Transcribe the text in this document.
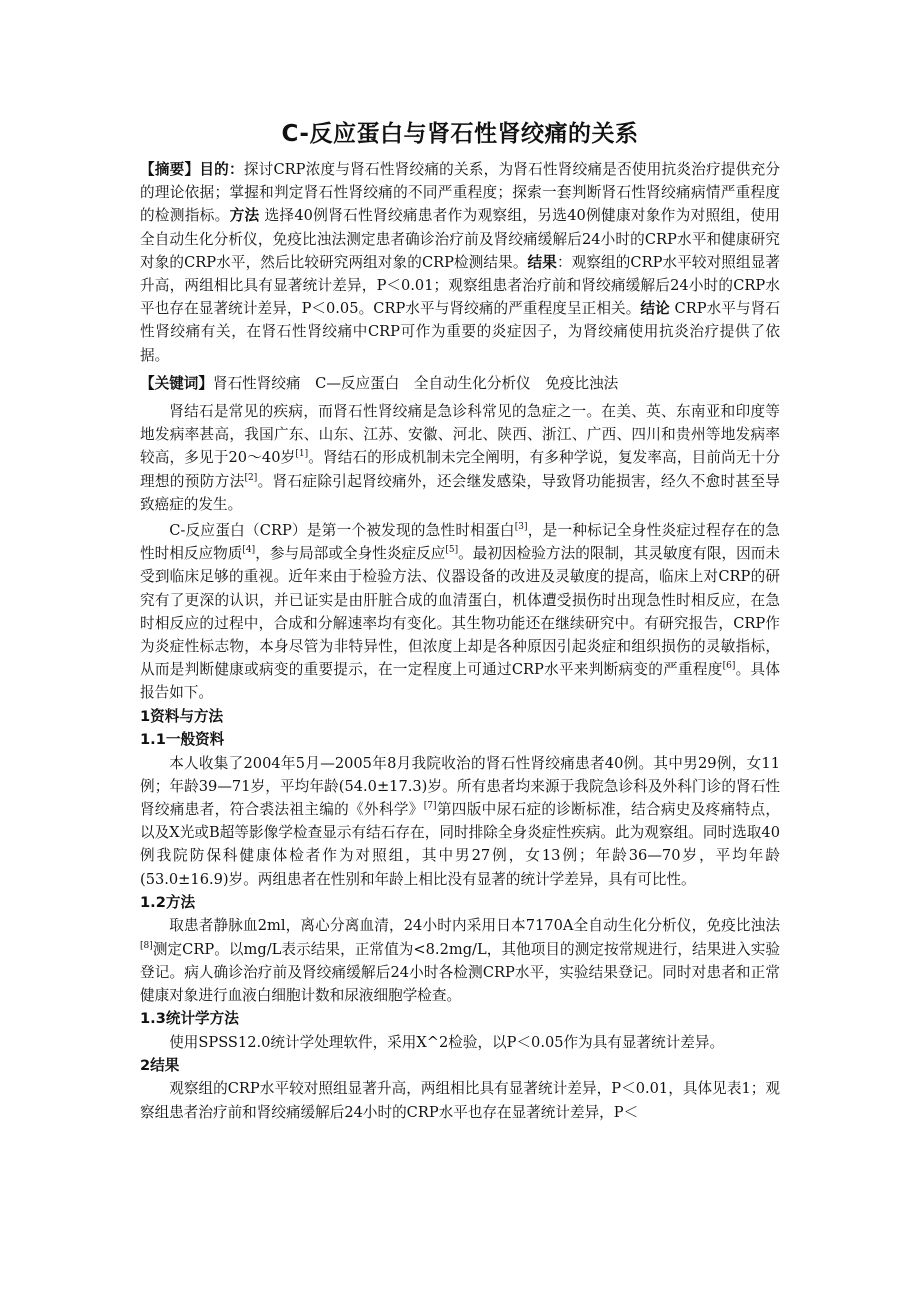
C-反应蛋白与肾石性肾绞痛的关系

【摘要】目的：探讨CRP浓度与肾石性肾绞痛的关系，为肾石性肾绞痛是否使用抗炎治疗提供充分的理论依据；掌握和判定肾石性肾绞痛的不同严重程度；探索一套判断肾石性肾绞痛病情严重程度的检测指标。方法 选择40例肾石性肾绞痛患者作为观察组，另选40例健康对象作为对照组，使用全自动生化分析仪，免疫比浊法测定患者确诊治疗前及肾绞痛缓解后24小时的CRP水平和健康研究对象的CRP水平，然后比较研究两组对象的CRP检测结果。结果：观察组的CRP水平较对照组显著升高，两组相比具有显著统计差异，P＜0.01；观察组患者治疗前和肾绞痛缓解后24小时的CRP水平也存在显著统计差异，P＜0.05。CRP水平与肾绞痛的严重程度呈正相关。结论 CRP水平与肾石性肾绞痛有关，在肾石性肾绞痛中CRP可作为重要的炎症因子，为肾绞痛使用抗炎治疗提供了依据。

【关键词】肾石性肾绞痛 C—反应蛋白 全自动生化分析仪 免疫比浊法

肾结石是常见的疾病，而肾石性肾绞痛是急诊科常见的急症之一。在美、英、东南亚和印度等地发病率甚高，我国广东、山东、江苏、安徽、河北、陕西、浙江、广西、四川和贵州等地发病率较高，多见于20～40岁[1]。肾结石的形成机制未完全阐明，有多种学说，复发率高，目前尚无十分理想的预防方法[2]。肾石症除引起肾绞痛外，还会继发感染，导致肾功能损害，经久不愈时甚至导致癌症的发生。

C-反应蛋白（CRP）是第一个被发现的急性时相蛋白[3]，是一种标记全身性炎症过程存在的急性时相反应物质[4]，参与局部或全身性炎症反应[5]。最初因检验方法的限制，其灵敏度有限，因而未受到临床足够的重视。近年来由于检验方法、仪器设备的改进及灵敏度的提高，临床上对CRP的研究有了更深的认识，并已证实是由肝脏合成的血清蛋白，机体遭受损伤时出现急性时相反应，在急时相反应的过程中，合成和分解速率均有变化。其生物功能还在继续研究中。有研究报告，CRP作为炎症性标志物，本身尽管为非特异性，但浓度上却是各种原因引起炎症和组织损伤的灵敏指标，从而是判断健康或病变的重要提示，在一定程度上可通过CRP水平来判断病变的严重程度[6]。具体报告如下。

1资料与方法
1.1一般资料

本人收集了2004年5月—2005年8月我院收治的肾石性肾绞痛患者40例。其中男29例，女11例；年龄39—71岁，平均年龄(54.0±17.3)岁。所有患者均来源于我院急诊科及外科门诊的肾石性肾绞痛患者，符合裘法祖主编的《外科学》[7]第四版中尿石症的诊断标准，结合病史及疼痛特点，以及X光或B超等影像学检查显示有结石存在，同时排除全身炎症性疾病。此为观察组。同时选取40例我院防保科健康体检者作为对照组，其中男27例，女13例；年龄36—70岁，平均年龄(53.0±16.9)岁。两组患者在性别和年龄上相比没有显著的统计学差异，具有可比性。

1.2方法

取患者静脉血2ml，离心分离血清，24小时内采用日本7170A全自动生化分析仪，免疫比浊法[8]测定CRP。以mg/L表示结果，正常值为<8.2mg/L，其他项目的测定按常规进行，结果进入实验登记。病人确诊治疗前及肾绞痛缓解后24小时各检测CRP水平，实验结果登记。同时对患者和正常健康对象进行血液白细胞计数和尿液细胞学检查。

1.3统计学方法

使用SPSS12.0统计学处理软件，采用X^2检验，以P＜0.05作为具有显著统计差异。

2结果

观察组的CRP水平较对照组显著升高，两组相比具有显著统计差异，P＜0.01，具体见表1；观察组患者治疗前和肾绞痛缓解后24小时的CRP水平也存在显著统计差异，P＜
